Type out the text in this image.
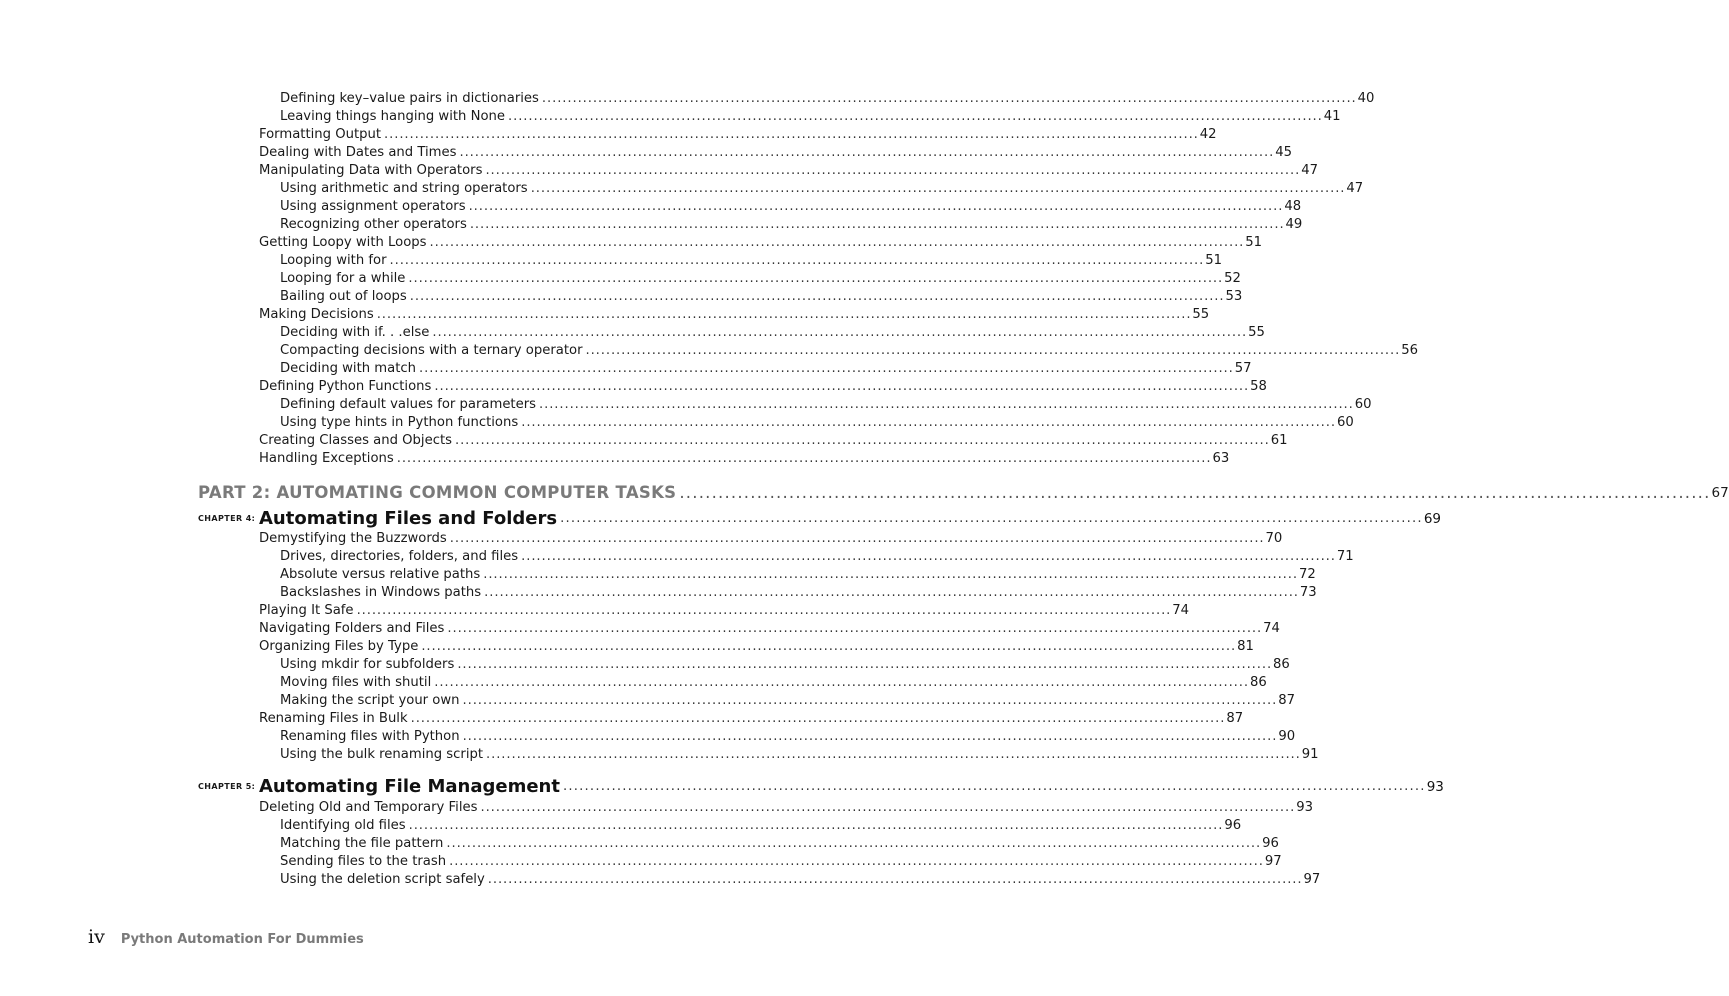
Defining key–value pairs in dictionaries ................................................................................................................................................................ 40
Leaving things hanging with None ................................................................................................................................................................ 41
Formatting Output ................................................................................................................................................................ 42
Dealing with Dates and Times ................................................................................................................................................................ 45
Manipulating Data with Operators ................................................................................................................................................................ 47
Using arithmetic and string operators ................................................................................................................................................................ 47
Using assignment operators ................................................................................................................................................................ 48
Recognizing other operators ................................................................................................................................................................ 49
Getting Loopy with Loops ................................................................................................................................................................ 51
Looping with for ................................................................................................................................................................ 51
Looping for a while ................................................................................................................................................................ 52
Bailing out of loops ................................................................................................................................................................ 53
Making Decisions ................................................................................................................................................................ 55
Deciding with if. . .else ................................................................................................................................................................ 55
Compacting decisions with a ternary operator ................................................................................................................................................................ 56
Deciding with match ................................................................................................................................................................ 57
Defining Python Functions ................................................................................................................................................................ 58
Defining default values for parameters ................................................................................................................................................................ 60
Using type hints in Python functions ................................................................................................................................................................ 60
Creating Classes and Objects ................................................................................................................................................................ 61
Handling Exceptions ................................................................................................................................................................ 63
PART 2: AUTOMATING COMMON COMPUTER TASKS ................................................................................................................................................................ 67
CHAPTER 4: Automating Files and Folders ................................................................................................................................................................ 69
Demystifying the Buzzwords ................................................................................................................................................................ 70
Drives, directories, folders, and files ................................................................................................................................................................ 71
Absolute versus relative paths ................................................................................................................................................................ 72
Backslashes in Windows paths ................................................................................................................................................................ 73
Playing It Safe ................................................................................................................................................................ 74
Navigating Folders and Files ................................................................................................................................................................ 74
Organizing Files by Type ................................................................................................................................................................ 81
Using mkdir for subfolders ................................................................................................................................................................ 86
Moving files with shutil ................................................................................................................................................................ 86
Making the script your own ................................................................................................................................................................ 87
Renaming Files in Bulk ................................................................................................................................................................ 87
Renaming files with Python ................................................................................................................................................................ 90
Using the bulk renaming script ................................................................................................................................................................ 91
CHAPTER 5: Automating File Management ................................................................................................................................................................ 93
Deleting Old and Temporary Files ................................................................................................................................................................ 93
Identifying old files ................................................................................................................................................................ 96
Matching the file pattern ................................................................................................................................................................ 96
Sending files to the trash ................................................................................................................................................................ 97
Using the deletion script safely ................................................................................................................................................................ 97
iv Python Automation For Dummies
